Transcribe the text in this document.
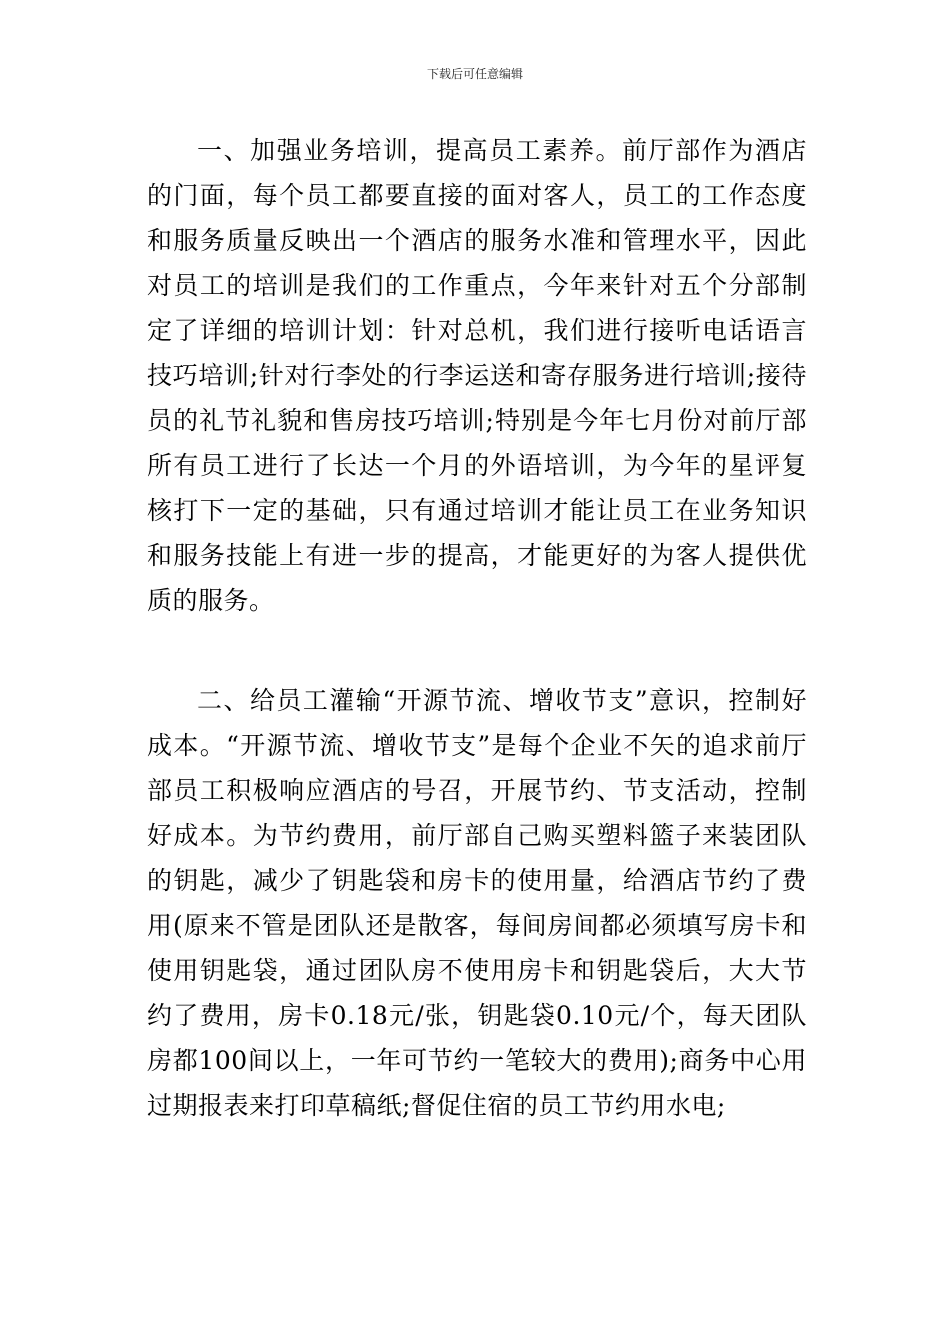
下载后可任意编辑

一、加强业务培训，提高员工素养。前厅部作为酒店的门面，每个员工都要直接的面对客人，员工的工作态度和服务质量反映出一个酒店的服务水准和管理水平，因此对员工的培训是我们的工作重点，今年来针对五个分部制定了详细的培训计划：针对总机，我们进行接听电话语言技巧培训;针对行李处的行李运送和寄存服务进行培训;接待员的礼节礼貌和售房技巧培训;特别是今年七月份对前厅部所有员工进行了长达一个月的外语培训，为今年的星评复核打下一定的基础，只有通过培训才能让员工在业务知识和服务技能上有进一步的提高，才能更好的为客人提供优质的服务。

二、给员工灌输“开源节流、增收节支”意识，控制好成本。“开源节流、增收节支”是每个企业不矢的追求前厅部员工积极响应酒店的号召，开展节约、节支活动，控制好成本。为节约费用，前厅部自己购买塑料篮子来装团队的钥匙，减少了钥匙袋和房卡的使用量，给酒店节约了费用(原来不管是团队还是散客，每间房间都必须填写房卡和使用钥匙袋，通过团队房不使用房卡和钥匙袋后，大大节约了费用，房卡0.18元/张，钥匙袋0.10元/个，每天团队房都100间以上，一年可节约一笔较大的费用);商务中心用过期报表来打印草稿纸;督促住宿的员工节约用水电;
